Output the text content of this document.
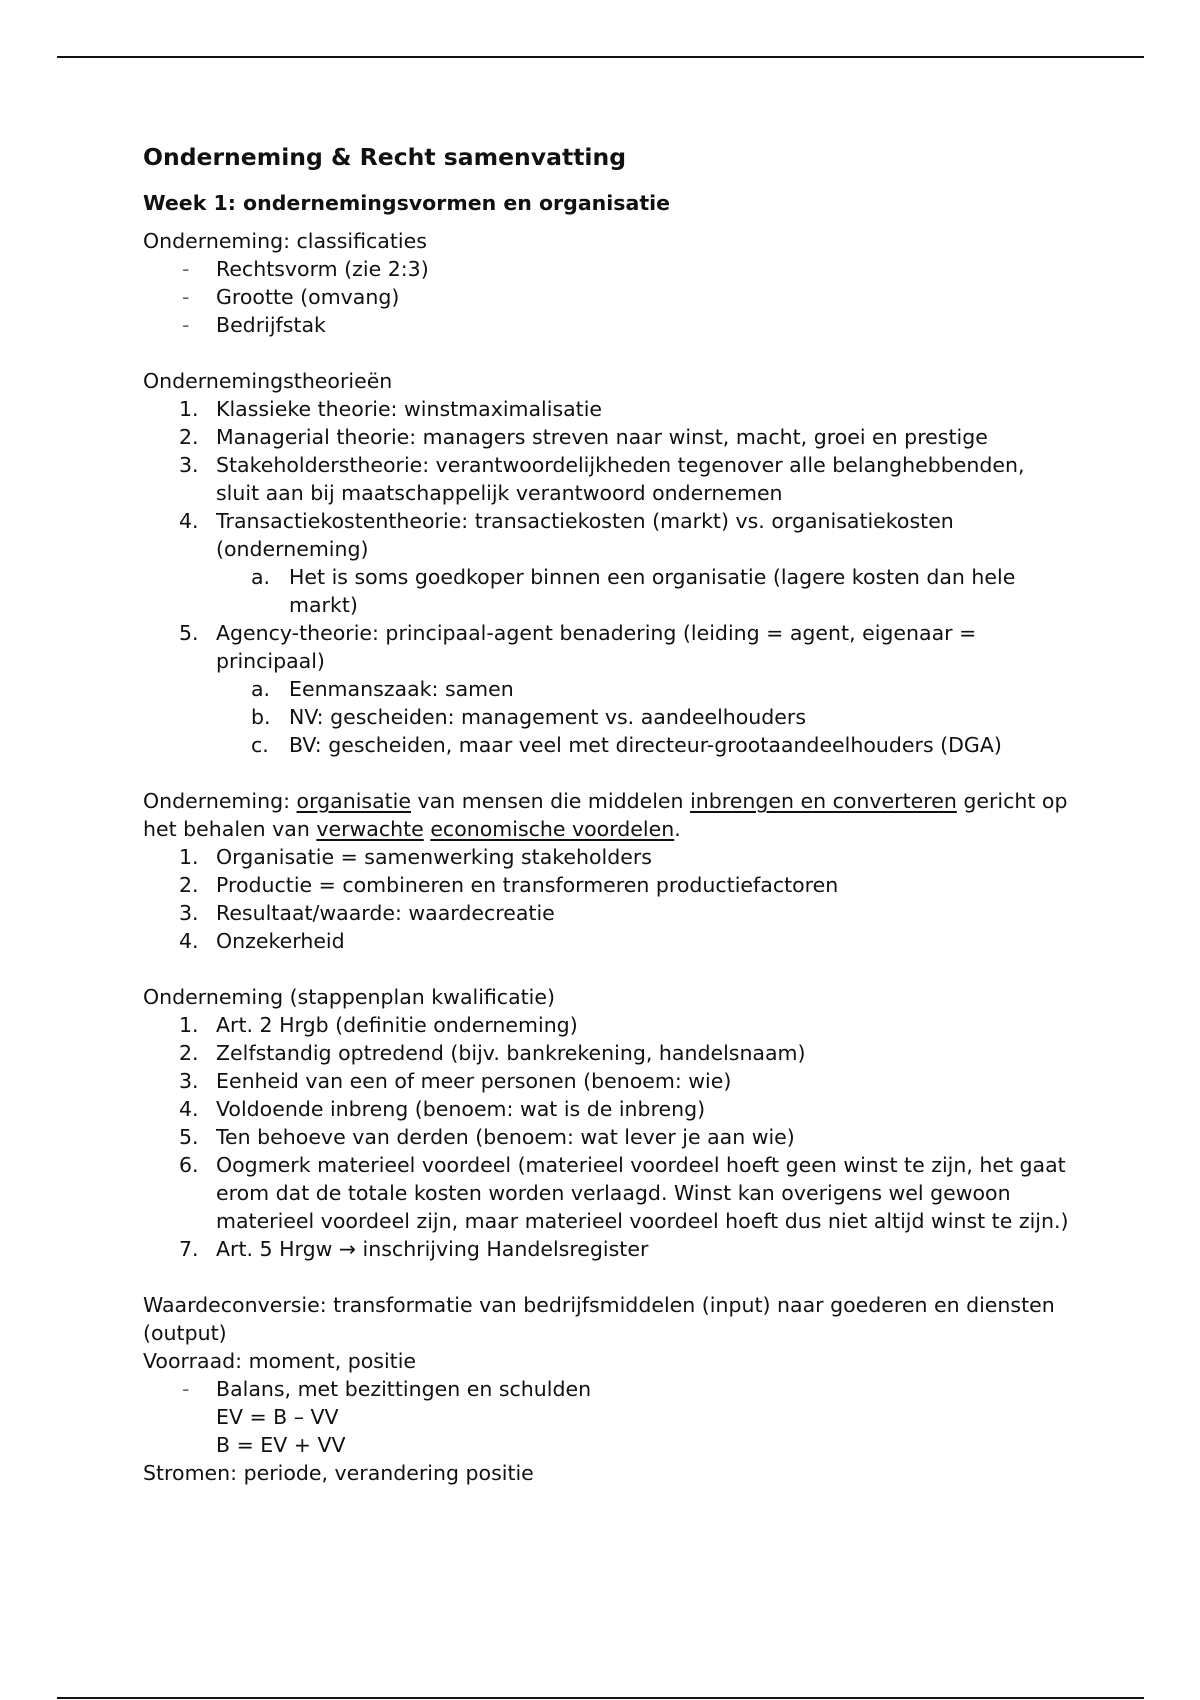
Onderneming & Recht samenvatting
Week 1: ondernemingsvormen en organisatie

Onderneming: classificaties

- Rechtsvorm (zie 2:3)
- Grootte (omvang)
- Bedrijfstak

Ondernemingstheorieën

1. Klassieke theorie: winstmaximalisatie
2. Managerial theorie: managers streven naar winst, macht, groei en prestige
3. Stakeholderstheorie: verantwoordelijkheden tegenover alle belanghebbenden, sluit aan bij maatschappelijk verantwoord ondernemen
4. Transactiekostentheorie: transactiekosten (markt) vs. organisatiekosten (onderneming)
a. Het is soms goedkoper binnen een organisatie (lagere kosten dan hele markt)
5. Agency-theorie: principaal-agent benadering (leiding = agent, eigenaar = principaal)
a. Eenmanszaak: samen
b. NV: gescheiden: management vs. aandeelhouders
c. BV: gescheiden, maar veel met directeur-grootaandeelhouders (DGA)

Onderneming: organisatie van mensen die middelen inbrengen en converteren gericht op het behalen van verwachte economische voordelen.

1. Organisatie = samenwerking stakeholders
2. Productie = combineren en transformeren productiefactoren
3. Resultaat/waarde: waardecreatie
4. Onzekerheid

Onderneming (stappenplan kwalificatie)

1. Art. 2 Hrgb (definitie onderneming)
2. Zelfstandig optredend (bijv. bankrekening, handelsnaam)
3. Eenheid van een of meer personen (benoem: wie)
4. Voldoende inbreng (benoem: wat is de inbreng)
5. Ten behoeve van derden (benoem: wat lever je aan wie)
6. Oogmerk materieel voordeel (materieel voordeel hoeft geen winst te zijn, het gaat erom dat de totale kosten worden verlaagd. Winst kan overigens wel gewoon materieel voordeel zijn, maar materieel voordeel hoeft dus niet altijd winst te zijn.)
7. Art. 5 Hrgw → inschrijving Handelsregister

Waardeconversie: transformatie van bedrijfsmiddelen (input) naar goederen en diensten (output)

Voorraad: moment, positie

- Balans, met bezittingen en schulden

EV = B – VV

B = EV + VV

Stromen: periode, verandering positie
